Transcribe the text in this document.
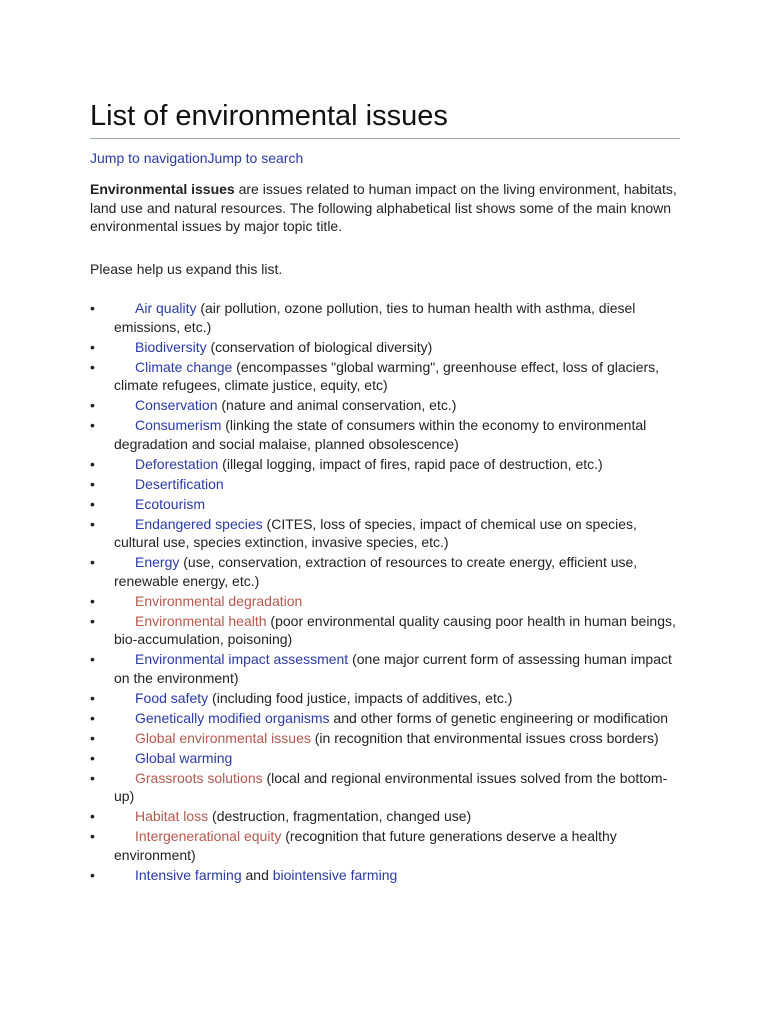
List of environmental issues
Jump to navigationJump to search

Environmental issues are issues related to human impact on the living environment, habitats, land use and natural resources. The following alphabetical list shows some of the main known environmental issues by major topic title.

Please help us expand this list.

•	Air quality (air pollution, ozone pollution, ties to human health with asthma, diesel emissions, etc.)
•	Biodiversity (conservation of biological diversity)
•	Climate change (encompasses "global warming", greenhouse effect, loss of glaciers, climate refugees, climate justice, equity, etc)
•	Conservation (nature and animal conservation, etc.)
•	Consumerism (linking the state of consumers within the economy to environmental degradation and social malaise, planned obsolescence)
•	Deforestation (illegal logging, impact of fires, rapid pace of destruction, etc.)
•	Desertification
•	Ecotourism
•	Endangered species (CITES, loss of species, impact of chemical use on species, cultural use, species extinction, invasive species, etc.)
•	Energy (use, conservation, extraction of resources to create energy, efficient use, renewable energy, etc.)
•	Environmental degradation
•	Environmental health (poor environmental quality causing poor health in human beings, bio-accumulation, poisoning)
•	Environmental impact assessment (one major current form of assessing human impact on the environment)
•	Food safety (including food justice, impacts of additives, etc.)
•	Genetically modified organisms and other forms of genetic engineering or modification
•	Global environmental issues (in recognition that environmental issues cross borders)
•	Global warming
•	Grassroots solutions (local and regional environmental issues solved from the bottom-up)
•	Habitat loss (destruction, fragmentation, changed use)
•	Intergenerational equity (recognition that future generations deserve a healthy environment)
•	Intensive farming and biointensive farming
